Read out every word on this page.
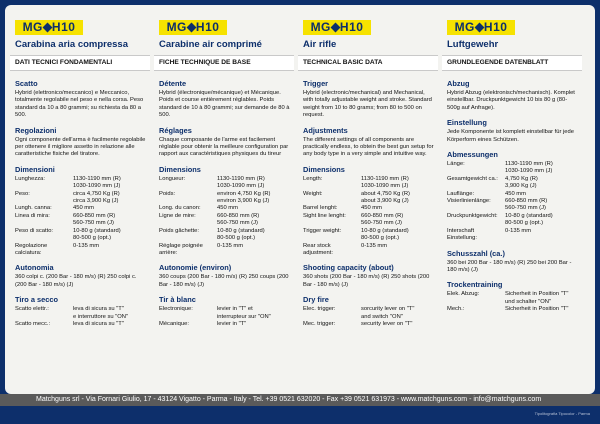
MG H10
Carabina aria compressa
DATI TECNICI FONDAMENTALI
Scatto
Hybrid (elettronico/meccanico) e Meccanico, totalmente regolabile nel peso e nella corsa. Peso standard da 10 a 80 grammi; su richiesta da 80 a 500.
Regolazioni
Ogni componente dell'arma è facilmente regolabile per ottenere il migliore assetto in relazione alle caratteristiche fisiche del tiratore.
Dimensioni
Lunghezza:	1130-1190 mm (R)
1030-1090 mm (J)
Peso:	circa 4,750 Kg (R)
circa 3,900 Kg (J)
Lungh. canna:	450 mm
Linea di mira:	660-850 mm (R)
560-750 mm (J)
Peso di scatto:	10-80 g (standard)
80-500 g (opt.)
Regolazione calciatura:
0-135 mm
Autonomia
360 colpi c. (200 Bar - 180 m/s) (R) 250 colpi c. (200 Bar - 180 m/s) (J)
Tiro a secco
Scatto elettr.:	leva di sicura su "T"
e interruttore su "ON"
Scatto mecc.:	leva di sicura su "T"
MG H10
Carabine air comprimé
FICHE TECHNIQUE DE BASE
Détente
Hybrid (électronique/mécanique) et Mécanique. Poids et course entièrement réglables. Poids standard de 10 à 80 grammi; sur demande de 80 à 500.
Réglages
Chaque composante de l'arme est facilement réglable pour obtenir la meilleure configuration par rapport aux caractéristiques physiques du tireur
Dimensions
Longueur:	1130-1190 mm (R)
1030-1090 mm (J)
Poids:	environ 4,750 Kg (R)
environ 3,900 Kg (J)
Long. du canon:	450 mm
Ligne de mire:	660-850 mm (R)
560-750 mm (J)
Poids gâchette:	10-80 g (standard)
80-500 g (opt.)
Réglage poignée arrière:
0-135 mm
Autonomie (environ)
360 coups (200 Bar - 180 m/s) (R) 250 coups (200 Bar - 180 m/s) (J)
Tir à blanc
Electronique:	levier in "T" et
interrupteur sur "ON"
Mécanique:	levier in "T"
MG H10
Air rifle
TECHNICAL BASIC DATA
Trigger
Hybrid (electronic/mechanical) and Mechanical, with totally adjustable weight and stroke. Standard weight from 10 to 80 grams; from 80 to 500 on request.
Adjustments
The different settings of all components are practically endless, to obtein the best gun setup for any body type in a very simple and intuitive way.
Dimensions
Length:	1130-1190 mm (R)
1030-1090 mm (J)
Weight:	about 4,750 Kg (R)
about 3,900 Kg (J)
Barrel lenght:	450 mm
Sight line lenght:	660-850 mm (R)
560-750 mm (J)
Trigger weight:	10-80 g (standard)
80-500 g (opt.)
Rear stock adjustment:
0-135 mm
Shooting capacity (about)
360 shots (200 Bar - 180 m/s) (R) 250 shots (200 Bar - 180 m/s) (J)
Dry fire
Elec. trigger:	sorcurity lever on "T"
and switch "ON"
Mec. trigger:	security lever on "T"
MG H10
Luftgewehr
GRUNDLEGENDE DATENBLATT
Abzug
Hybrid Abzug (elektronisch/mechanisch). Komplet einstellbar. Druckpunktgewicht 10 bis 80 g (80-500g auf Anfrage).
Einstellung
Jede Komponente ist komplett einstellbar für jede Körperform eines Schützen.
Abmessungen
Länge:	1130-1190 mm (R)
1030-1090 mm (J)
Gesamtgewicht ca.:	4,750 Kg (R)
3,900 Kg (J)
Lauflänge:	450 mm
Visierlinienlänge:	660-850 mm (R)
560-750 mm (J)
Druckpunktgewicht:	10-80 g (standard)
80-500 g (opt.)
Interschaft Einstellung:
0-135 mm
Schusszahl (ca.)
360 bei 200 Bar - 180 m/s) (R) 250 bei 200 Bar - 180 m/s) (J)
Trockentraining
Elek. Abzug:	Sicherheit in Position "T" und schalter "ON"
Mech.:	Sicherheit in Position "T"
Matchguns srl - Via Fornari Giulio, 17 - 43124 Vigatto - Parma - Italy - Tel. +39 0521 632020 - Fax +39 0521 631973 - www.matchguns.com - info@matchguns.com
Tipolitografia Tipocolor - Parma
